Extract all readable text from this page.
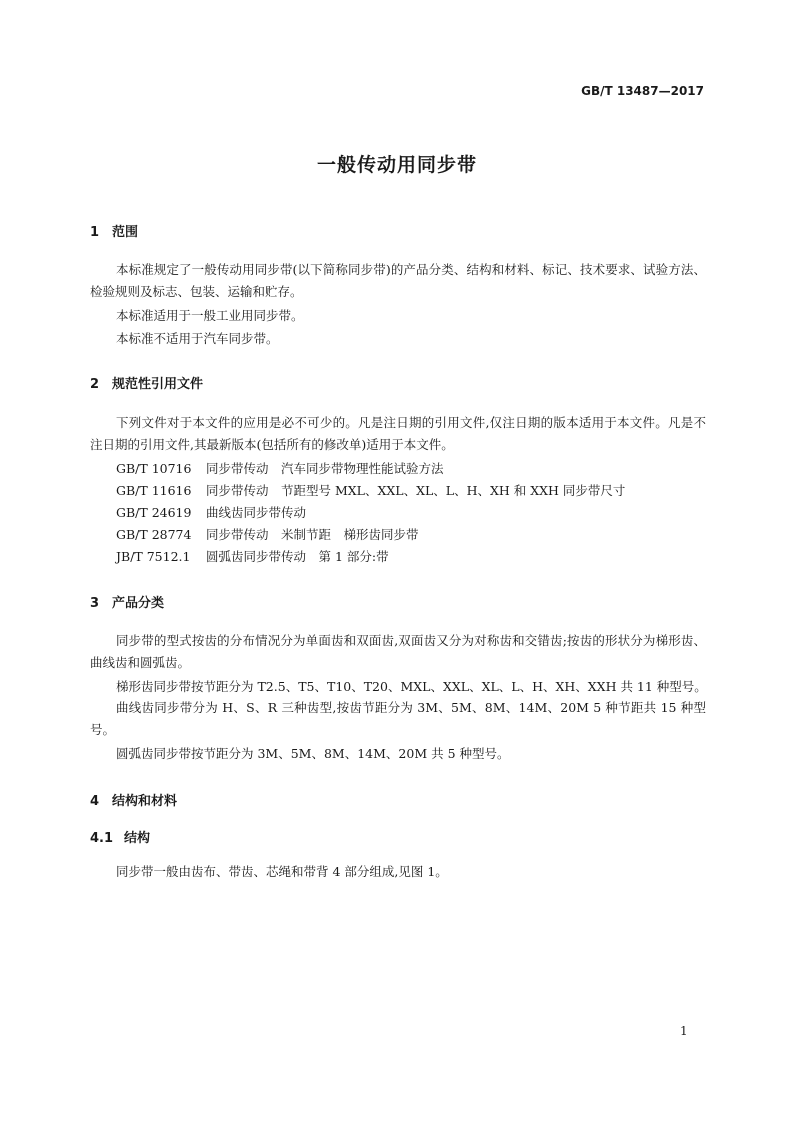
GB/T 13487—2017
一般传动用同步带
1 范围

本标准规定了一般传动用同步带(以下简称同步带)的产品分类、结构和材料、标记、技术要求、试验方法、检验规则及标志、包装、运输和贮存。

本标准适用于一般工业用同步带。

本标准不适用于汽车同步带。

2 规范性引用文件

下列文件对于本文件的应用是必不可少的。凡是注日期的引用文件,仅注日期的版本适用于本文件。凡是不注日期的引用文件,其最新版本(包括所有的修改单)适用于本文件。

GB/T 10716 同步带传动　汽车同步带物理性能试验方法
GB/T 11616 同步带传动　节距型号 MXL、XXL、XL、L、H、XH 和 XXH 同步带尺寸
GB/T 24619 曲线齿同步带传动
GB/T 28774 同步带传动　米制节距　梯形齿同步带
JB/T 7512.1 圆弧齿同步带传动　第 1 部分:带
3 产品分类

同步带的型式按齿的分布情况分为单面齿和双面齿,双面齿又分为对称齿和交错齿;按齿的形状分为梯形齿、曲线齿和圆弧齿。

梯形齿同步带按节距分为 T2.5、T5、T10、T20、MXL、XXL、XL、L、H、XH、XXH 共 11 种型号。

曲线齿同步带分为 H、S、R 三种齿型,按齿节距分为 3M、5M、8M、14M、20M 5 种节距共 15 种型号。

圆弧齿同步带按节距分为 3M、5M、8M、14M、20M 共 5 种型号。

4 结构和材料
4.1 结构

同步带一般由齿布、带齿、芯绳和带背 4 部分组成,见图 1。

1
